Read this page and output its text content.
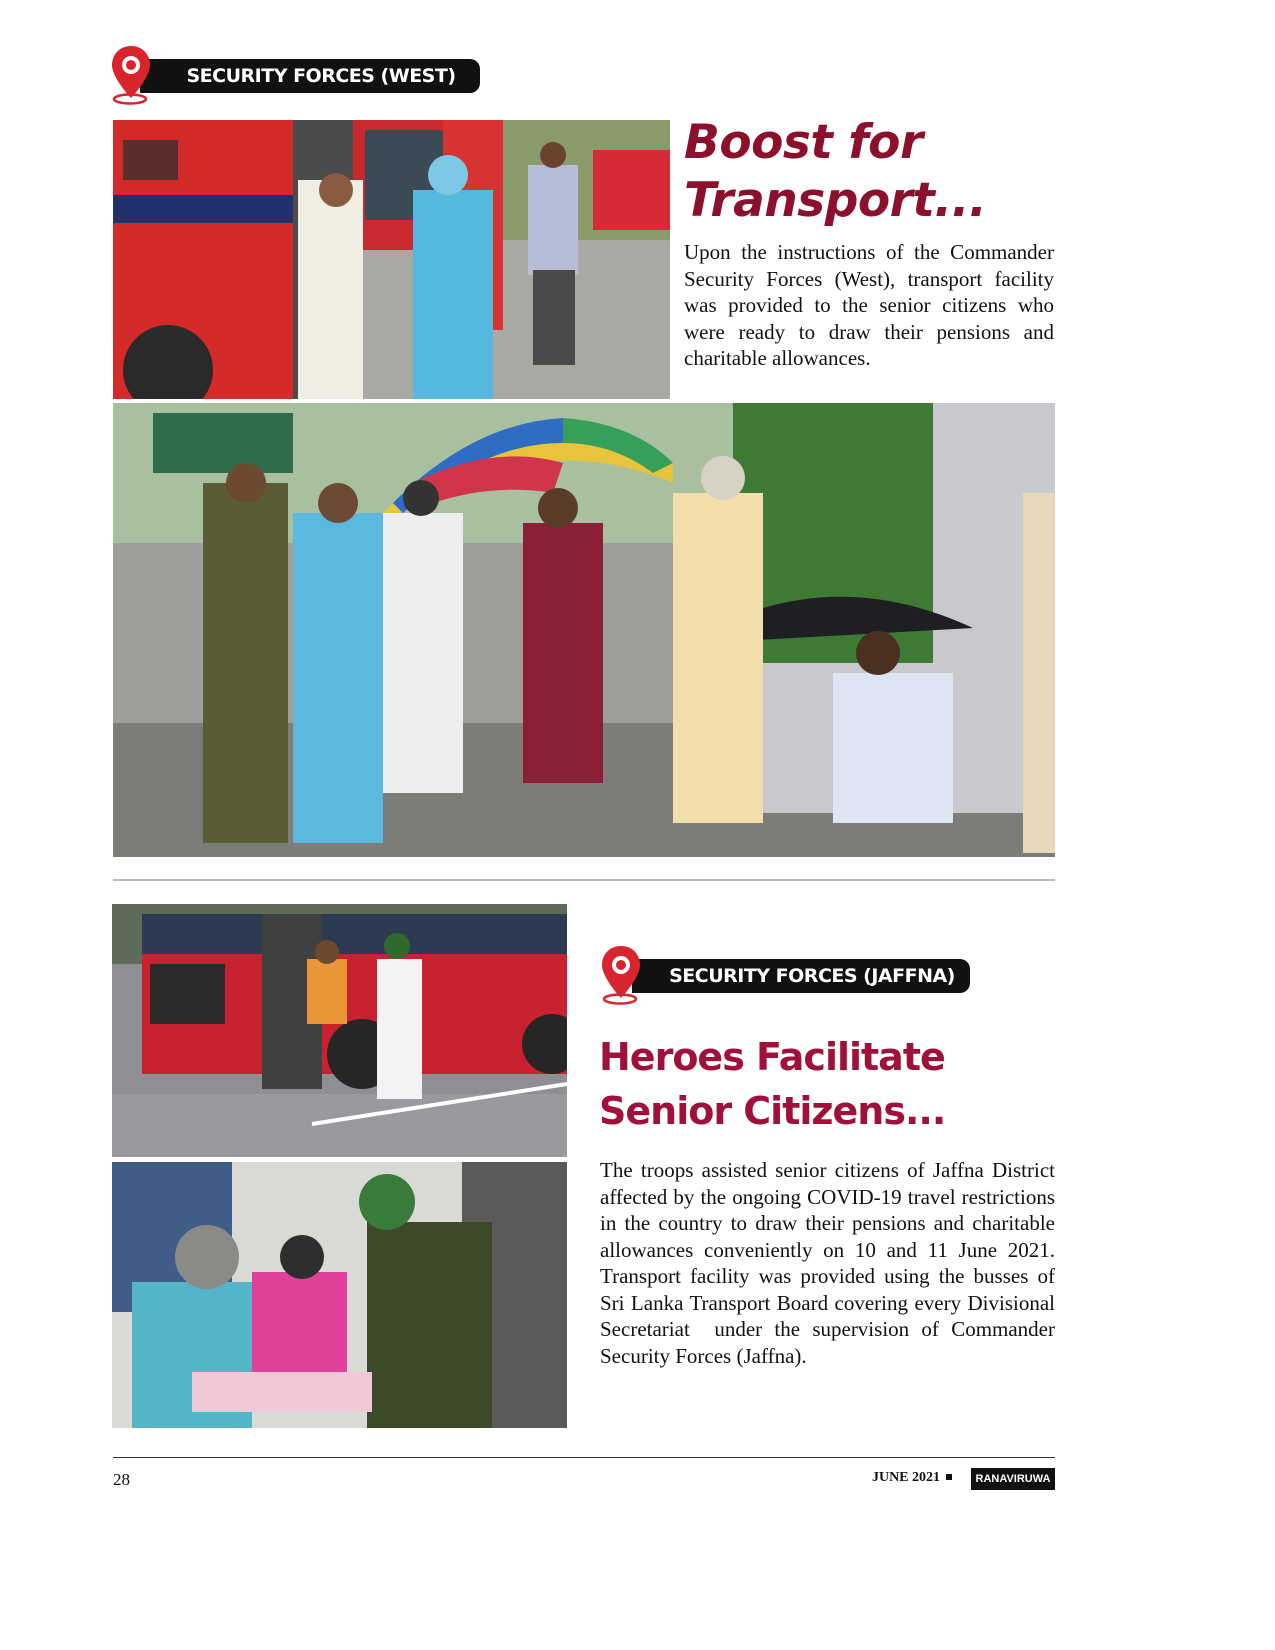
SECURITY FORCES (WEST)
Boost for
Transport...
Upon the instructions of the Commander Security Forces (West), transport facility was provided to the senior citizens who were ready to draw their pensions and charitable allowances.
SECURITY FORCES (JAFFNA)
Heroes Facilitate
Senior Citizens...
The troops assisted senior citizens of Jaffna District affected by the ongoing COVID-19 travel restrictions in the country to draw their pensions and charitable allowances conveniently on 10 and 11 June 2021. Transport facility was provided using the busses of Sri Lanka Transport Board covering every Divisional Secretariat  under the supervision of Commander Security Forces (Jaffna).
28	JUNE 2021	RANAVIRUWA
